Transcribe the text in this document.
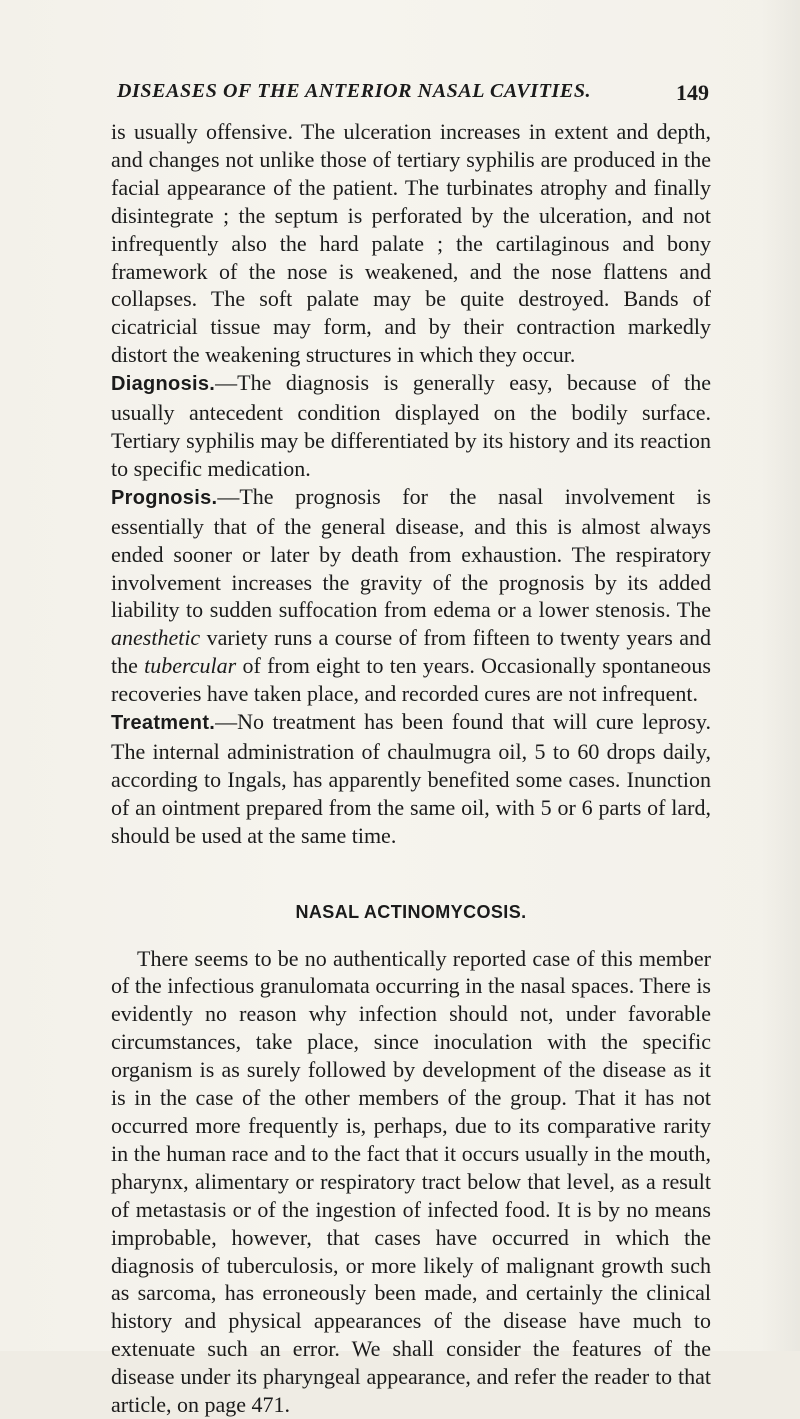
DISEASES OF THE ANTERIOR NASAL CAVITIES.	149

is usually offensive. The ulceration increases in extent and depth, and changes not unlike those of tertiary syphilis are produced in the facial appearance of the patient. The turbinates atrophy and finally disintegrate ; the septum is perforated by the ulceration, and not infrequently also the hard palate ; the cartilaginous and bony framework of the nose is weakened, and the nose flattens and collapses. The soft palate may be quite destroyed. Bands of cicatricial tissue may form, and by their contraction markedly distort the weakening structures in which they occur.

Diagnosis.—The diagnosis is generally easy, because of the usually antecedent condition displayed on the bodily surface. Tertiary syphilis may be differentiated by its history and its reaction to specific medication.

Prognosis.—The prognosis for the nasal involvement is essentially that of the general disease, and this is almost always ended sooner or later by death from exhaustion. The respiratory involvement increases the gravity of the prognosis by its added liability to sudden suffocation from edema or a lower stenosis. The anesthetic variety runs a course of from fifteen to twenty years and the tubercular of from eight to ten years. Occasionally spontaneous recoveries have taken place, and recorded cures are not infrequent.

Treatment.—No treatment has been found that will cure leprosy. The internal administration of chaulmugra oil, 5 to 60 drops daily, according to Ingals, has apparently benefited some cases. Inunction of an ointment prepared from the same oil, with 5 or 6 parts of lard, should be used at the same time.

NASAL ACTINOMYCOSIS.

There seems to be no authentically reported case of this member of the infectious granulomata occurring in the nasal spaces. There is evidently no reason why infection should not, under favorable circumstances, take place, since inoculation with the specific organism is as surely followed by development of the disease as it is in the case of the other members of the group. That it has not occurred more frequently is, perhaps, due to its comparative rarity in the human race and to the fact that it occurs usually in the mouth, pharynx, alimentary or respiratory tract below that level, as a result of metastasis or of the ingestion of infected food. It is by no means improbable, however, that cases have occurred in which the diagnosis of tuberculosis, or more likely of malignant growth such as sarcoma, has erroneously been made, and certainly the clinical history and physical appearances of the disease have much to extenuate such an error. We shall consider the features of the disease under its pharyngeal appearance, and refer the reader to that article, on page 471.
